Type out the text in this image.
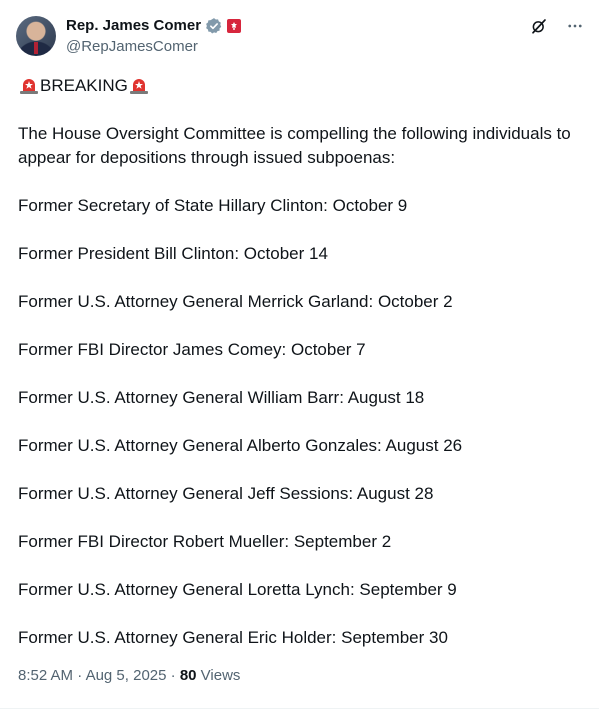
Rep. James Comer
@RepJamesComer
BREAKING
The House Oversight Committee is compelling the following individuals to appear for depositions through issued subpoenas:
Former Secretary of State Hillary Clinton: October 9
Former President Bill Clinton: October 14
Former U.S. Attorney General Merrick Garland: October 2
Former FBI Director James Comey: October 7
Former U.S. Attorney General William Barr: August 18
Former U.S. Attorney General Alberto Gonzales: August 26
Former U.S. Attorney General Jeff Sessions: August 28
Former FBI Director Robert Mueller: September 2
Former U.S. Attorney General Loretta Lynch: September 9
Former U.S. Attorney General Eric Holder: September 30
8:52 AM · Aug 5, 2025 · 80 Views
